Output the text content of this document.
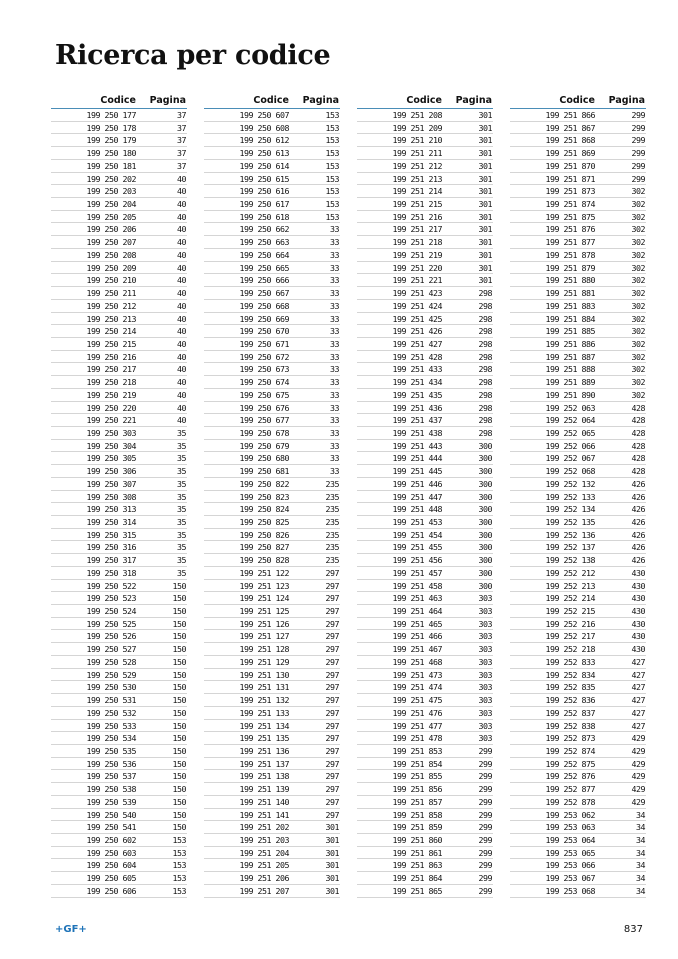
Ricerca per codice
Codice Pagina
199 250 177	37
199 250 178	37
199 250 179	37
199 250 180	37
199 250 181	37
199 250 202	40
199 250 203	40
199 250 204	40
199 250 205	40
199 250 206	40
199 250 207	40
199 250 208	40
199 250 209	40
199 250 210	40
199 250 211	40
199 250 212	40
199 250 213	40
199 250 214	40
199 250 215	40
199 250 216	40
199 250 217	40
199 250 218	40
199 250 219	40
199 250 220	40
199 250 221	40
199 250 303	35
199 250 304	35
199 250 305	35
199 250 306	35
199 250 307	35
199 250 308	35
199 250 313	35
199 250 314	35
199 250 315	35
199 250 316	35
199 250 317	35
199 250 318	35
199 250 522	150
199 250 523	150
199 250 524	150
199 250 525	150
199 250 526	150
199 250 527	150
199 250 528	150
199 250 529	150
199 250 530	150
199 250 531	150
199 250 532	150
199 250 533	150
199 250 534	150
199 250 535	150
199 250 536	150
199 250 537	150
199 250 538	150
199 250 539	150
199 250 540	150
199 250 541	150
199 250 602	153
199 250 603	153
199 250 604	153
199 250 605	153
199 250 606	153
Codice Pagina
199 250 607	153
199 250 608	153
199 250 612	153
199 250 613	153
199 250 614	153
199 250 615	153
199 250 616	153
199 250 617	153
199 250 618	153
199 250 662	33
199 250 663	33
199 250 664	33
199 250 665	33
199 250 666	33
199 250 667	33
199 250 668	33
199 250 669	33
199 250 670	33
199 250 671	33
199 250 672	33
199 250 673	33
199 250 674	33
199 250 675	33
199 250 676	33
199 250 677	33
199 250 678	33
199 250 679	33
199 250 680	33
199 250 681	33
199 250 822	235
199 250 823	235
199 250 824	235
199 250 825	235
199 250 826	235
199 250 827	235
199 250 828	235
199 251 122	297
199 251 123	297
199 251 124	297
199 251 125	297
199 251 126	297
199 251 127	297
199 251 128	297
199 251 129	297
199 251 130	297
199 251 131	297
199 251 132	297
199 251 133	297
199 251 134	297
199 251 135	297
199 251 136	297
199 251 137	297
199 251 138	297
199 251 139	297
199 251 140	297
199 251 141	297
199 251 202	301
199 251 203	301
199 251 204	301
199 251 205	301
199 251 206	301
199 251 207	301
Codice Pagina
199 251 208	301
199 251 209	301
199 251 210	301
199 251 211	301
199 251 212	301
199 251 213	301
199 251 214	301
199 251 215	301
199 251 216	301
199 251 217	301
199 251 218	301
199 251 219	301
199 251 220	301
199 251 221	301
199 251 423	298
199 251 424	298
199 251 425	298
199 251 426	298
199 251 427	298
199 251 428	298
199 251 433	298
199 251 434	298
199 251 435	298
199 251 436	298
199 251 437	298
199 251 438	298
199 251 443	300
199 251 444	300
199 251 445	300
199 251 446	300
199 251 447	300
199 251 448	300
199 251 453	300
199 251 454	300
199 251 455	300
199 251 456	300
199 251 457	300
199 251 458	300
199 251 463	303
199 251 464	303
199 251 465	303
199 251 466	303
199 251 467	303
199 251 468	303
199 251 473	303
199 251 474	303
199 251 475	303
199 251 476	303
199 251 477	303
199 251 478	303
199 251 853	299
199 251 854	299
199 251 855	299
199 251 856	299
199 251 857	299
199 251 858	299
199 251 859	299
199 251 860	299
199 251 861	299
199 251 863	299
199 251 864	299
199 251 865	299
Codice Pagina
199 251 866	299
199 251 867	299
199 251 868	299
199 251 869	299
199 251 870	299
199 251 871	299
199 251 873	302
199 251 874	302
199 251 875	302
199 251 876	302
199 251 877	302
199 251 878	302
199 251 879	302
199 251 880	302
199 251 881	302
199 251 883	302
199 251 884	302
199 251 885	302
199 251 886	302
199 251 887	302
199 251 888	302
199 251 889	302
199 251 890	302
199 252 063	428
199 252 064	428
199 252 065	428
199 252 066	428
199 252 067	428
199 252 068	428
199 252 132	426
199 252 133	426
199 252 134	426
199 252 135	426
199 252 136	426
199 252 137	426
199 252 138	426
199 252 212	430
199 252 213	430
199 252 214	430
199 252 215	430
199 252 216	430
199 252 217	430
199 252 218	430
199 252 833	427
199 252 834	427
199 252 835	427
199 252 836	427
199 252 837	427
199 252 838	427
199 252 873	429
199 252 874	429
199 252 875	429
199 252 876	429
199 252 877	429
199 252 878	429
199 253 062	34
199 253 063	34
199 253 064	34
199 253 065	34
199 253 066	34
199 253 067	34
199 253 068	34
+GF+	837
